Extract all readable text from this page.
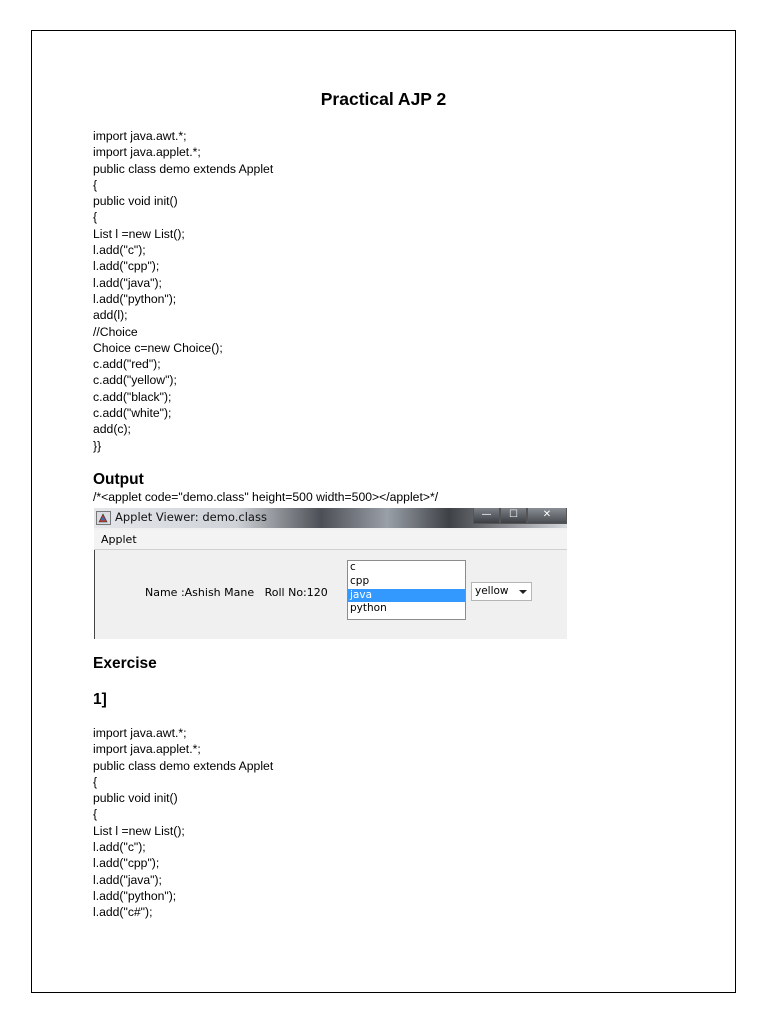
Practical AJP 2
import java.awt.*;
import java.applet.*;
public class demo extends Applet
{
public void init()
{
List l =new List();
l.add("c");
l.add("cpp");
l.add("java");
l.add("python");
add(l);
//Choice
Choice c=new Choice();
c.add("red");
c.add("yellow");
c.add("black");
c.add("white");
add(c);
}}
Output
/*<applet code="demo.class" height=500 width=500></applet>*/
Applet Viewer: demo.class	—	☐	✕
Applet
Name :Ashish Mane   Roll No:120
c
cpp
java
python
yellow
Exercise
1]
import java.awt.*;
import java.applet.*;
public class demo extends Applet
{
public void init()
{
List l =new List();
l.add("c");
l.add("cpp");
l.add("java");
l.add("python");
l.add("c#");
